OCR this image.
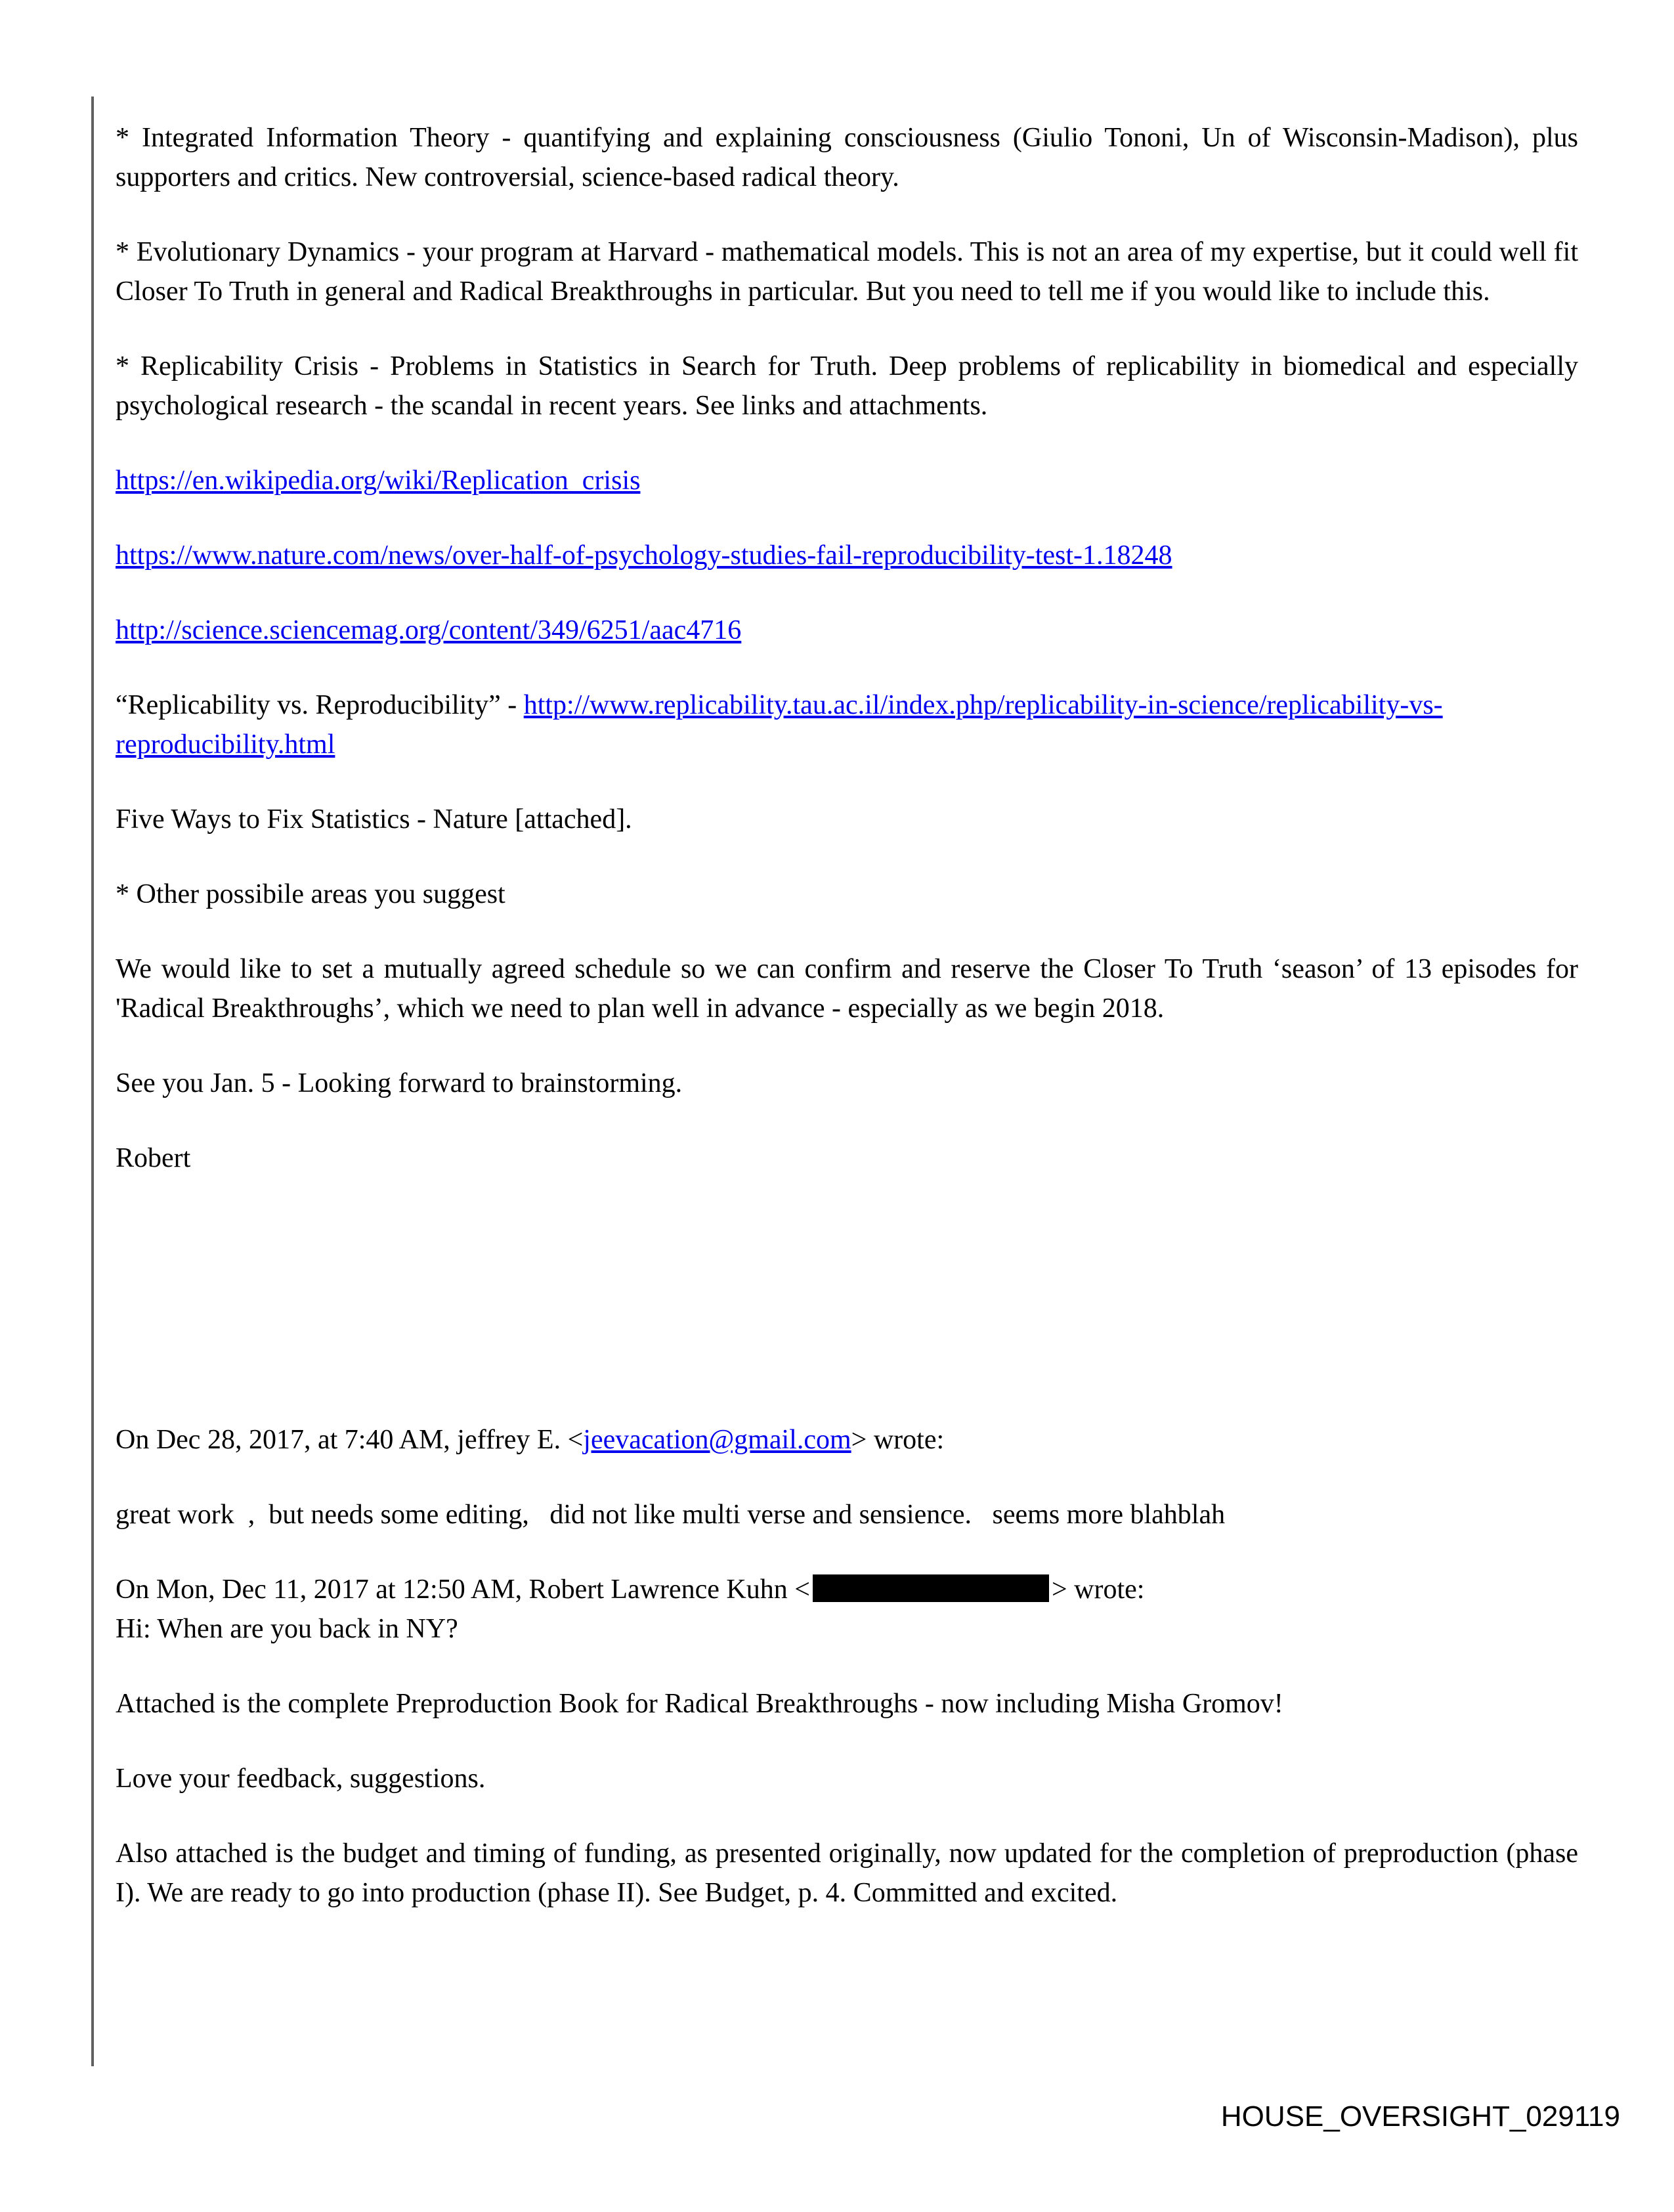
* Integrated Information Theory - quantifying and explaining consciousness (Giulio Tononi, Un of Wisconsin-Madison), plus supporters and critics. New controversial, science-based radical theory.

* Evolutionary Dynamics - your program at Harvard - mathematical models. This is not an area of my expertise, but it could well fit Closer To Truth in general and Radical Breakthroughs in particular. But you need to tell me if you would like to include this.

* Replicability Crisis - Problems in Statistics in Search for Truth. Deep problems of replicability in biomedical and especially psychological research - the scandal in recent years. See links and attachments.

https://en.wikipedia.org/wiki/Replication_crisis

https://www.nature.com/news/over-half-of-psychology-studies-fail-reproducibility-test-1.18248

http://science.sciencemag.org/content/349/6251/aac4716

“Replicability vs. Reproducibility” - http://www.replicability.tau.ac.il/index.php/replicability-in-science/replicability-vs-reproducibility.html

Five Ways to Fix Statistics - Nature [attached].

* Other possibile areas you suggest

We would like to set a mutually agreed schedule so we can confirm and reserve the Closer To Truth ‘season’ of 13 episodes for 'Radical Breakthroughs’, which we need to plan well in advance - especially as we begin 2018.

See you Jan. 5 - Looking forward to brainstorming.

Robert

On Dec 28, 2017, at 7:40 AM, jeffrey E. <jeevacation@gmail.com> wrote:

great work  ,  but needs some editing,   did not like multi verse and sensience.   seems more blahblah

On Mon, Dec 11, 2017 at 12:50 AM, Robert Lawrence Kuhn <	> wrote:
Hi: When are you back in NY?

Attached is the complete Preproduction Book for Radical Breakthroughs - now including Misha Gromov!

Love your feedback, suggestions.

Also attached is the budget and timing of funding, as presented originally, now updated for the completion of preproduction (phase I). We are ready to go into production (phase II). See Budget, p. 4. Committed and excited.

HOUSE_OVERSIGHT_029119
